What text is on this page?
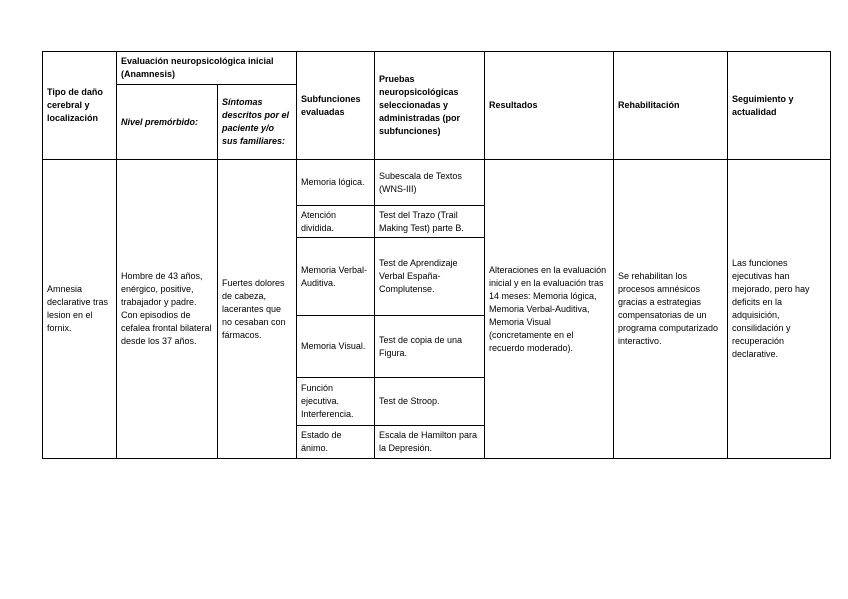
Tipo de daño cerebral y localización	Evaluación neuropsicológica inicial (Anamnesis)		Subfunciones evaluadas	Pruebas neuropsicológicas seleccionadas y administradas (por subfunciones)	Resultados	Rehabilitación	Seguimiento y actualidad
	Nivel premórbido:	Síntomas descritos por el paciente y/o sus familiares:					
Amnesia declarative tras lesion en el fornix.	Hombre de 43 años, enérgico, positive, trabajador y padre. Con episodios de cefalea frontal bilateral desde los 37 años.	Fuertes dolores de cabeza, lacerantes que no cesaban con fármacos.	Memoria lógica.	Subescala de Textos (WNS-III)	Alteraciones en la evaluación inicial y en la evaluación tras 14 meses: Memoria lógica, Memoria Verbal-Auditiva, Memoria Visual (concretamente en el recuerdo moderado).	Se rehabilitan los procesos amnésicos gracias a estrategias compensatorias de un programa computarizado interactivo.	Las funciones ejecutivas han mejorado, pero hay deficits en la adquisición, consilidación y recuperación declarative.
			Atención dividida.	Test del Trazo (Trail Making Test) parte B.			
			Memoria Verbal-Auditiva.	Test de Aprendizaje Verbal España-Complutense.			
			Memoria Visual.	Test de copia de una Figura.			
			Función ejecutiva. Interferencia.	Test de Stroop.			
			Estado de ánimo.	Escala de Hamilton para la Depresión.			
